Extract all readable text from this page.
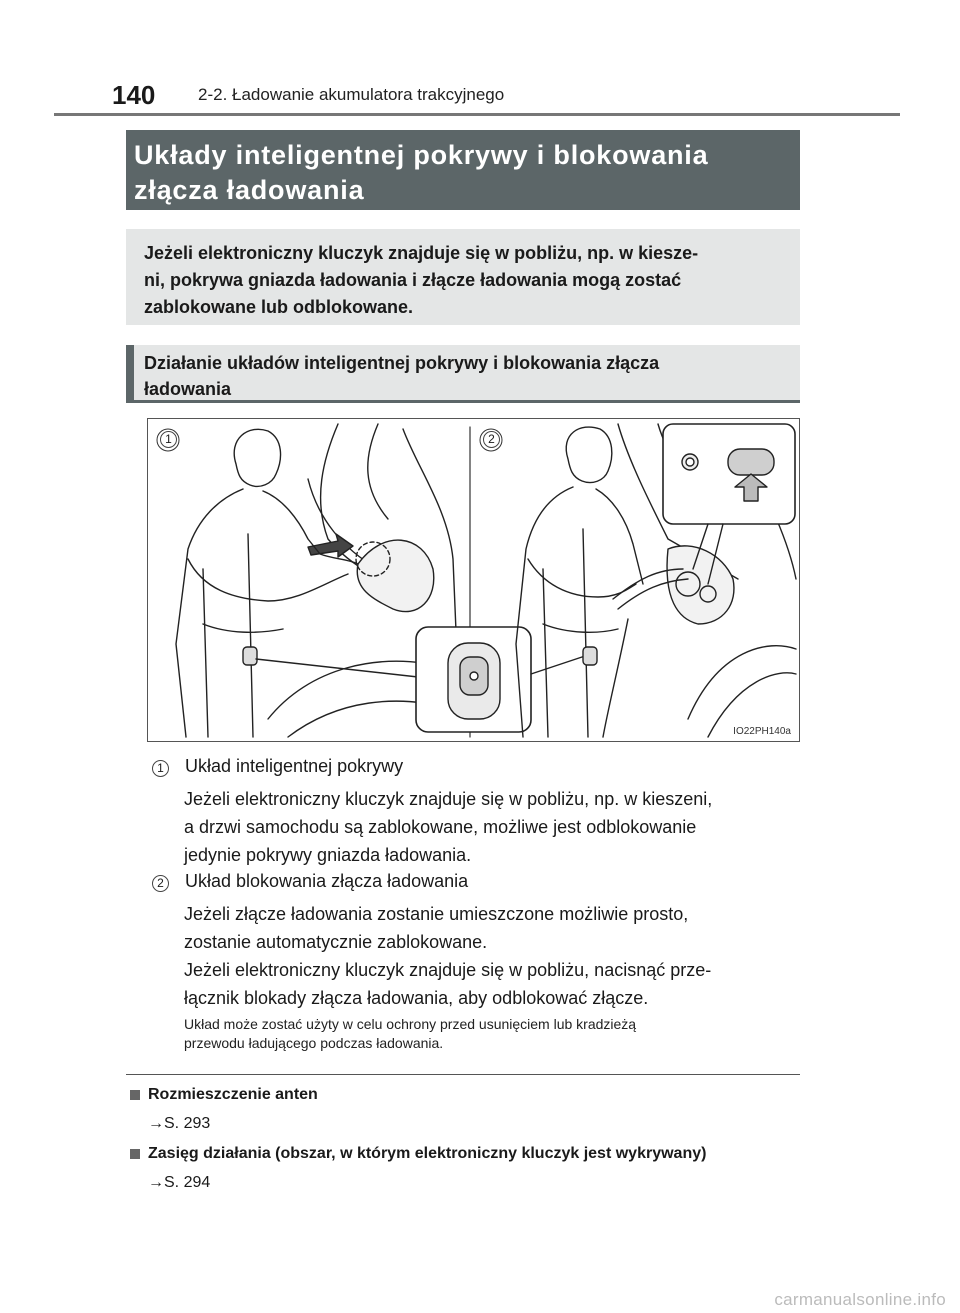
140	2-2. Ładowanie akumulatora trakcyjnego
Układy inteligentnej pokrywy i blokowania
złącza ładowania
Jeżeli elektroniczny kluczyk znajduje się w pobliżu, np. w kiesze-
ni, pokrywa gniazda ładowania i złącze ładowania mogą zostać
zablokowane lub odblokowane.
Działanie układów inteligentnej pokrywy i blokowania złącza
ładowania
1	2
IO22PH140a
1 Układ inteligentnej pokrywy
Jeżeli elektroniczny kluczyk znajduje się w pobliżu, np. w kieszeni,
a drzwi samochodu są zablokowane, możliwe jest odblokowanie
jedynie pokrywy gniazda ładowania.
2 Układ blokowania złącza ładowania
Jeżeli złącze ładowania zostanie umieszczone możliwie prosto,
zostanie automatycznie zablokowane.
Jeżeli elektroniczny kluczyk znajduje się w pobliżu, nacisnąć prze-
łącznik blokady złącza ładowania, aby odblokować złącze.
Układ może zostać użyty w celu ochrony przed usunięciem lub kradzieżą
przewodu ładującego podczas ładowania.
Rozmieszczenie anten
→S. 293
Zasięg działania (obszar, w którym elektroniczny kluczyk jest wykrywany)
→S. 294
carmanualsonline.info
